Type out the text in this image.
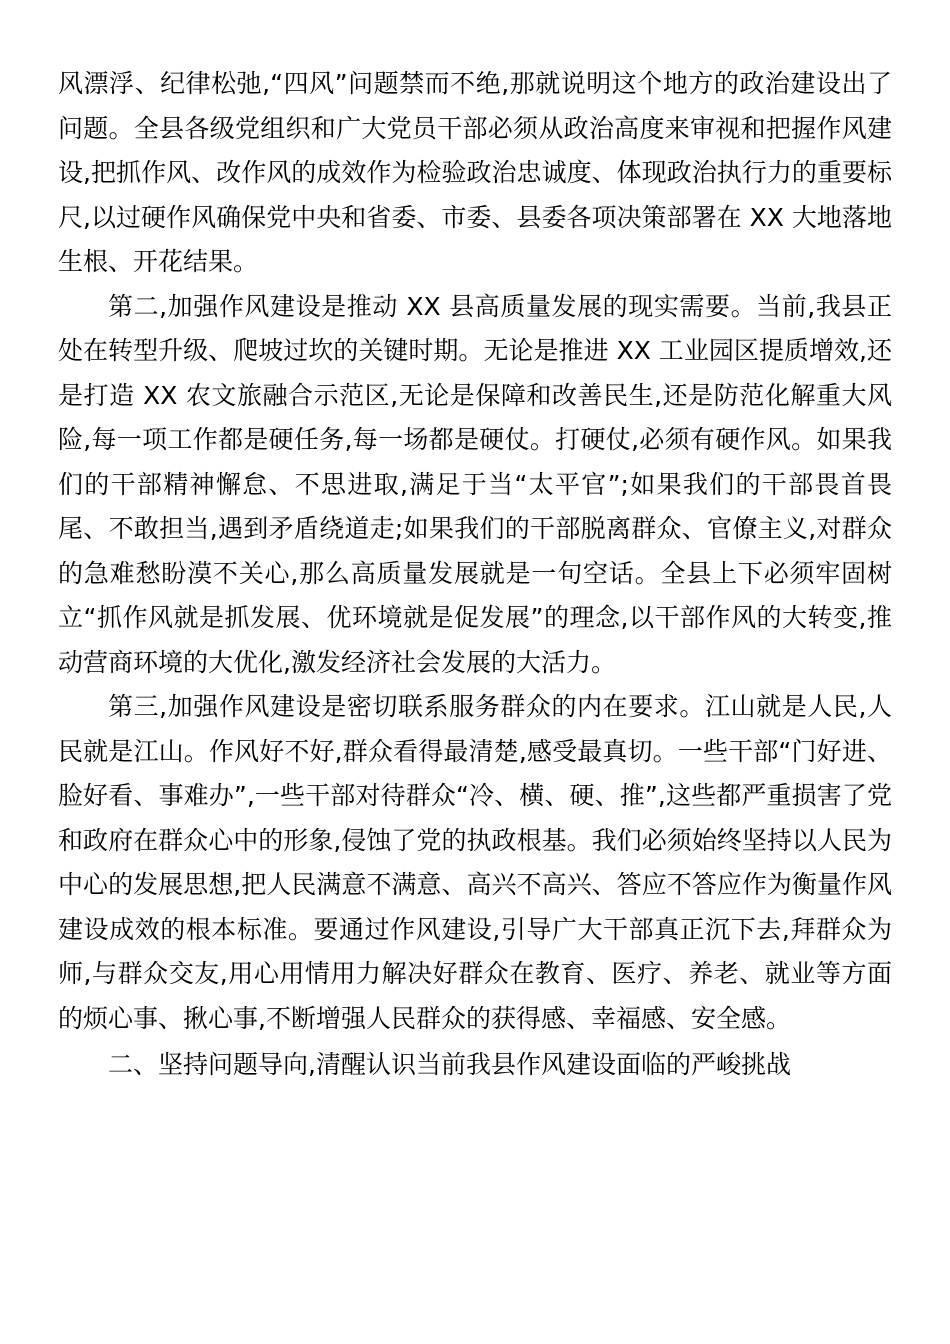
风漂浮、纪律松弛,“四风”问题禁而不绝,那就说明这个地方的政治建设出了问题。全县各级党组织和广大党员干部必须从政治高度来审视和把握作风建设,把抓作风、改作风的成效作为检验政治忠诚度、体现政治执行力的重要标尺,以过硬作风确保党中央和省委、市委、县委各项决策部署在 XX 大地落地生根、开花结果。

第二,加强作风建设是推动 XX 县高质量发展的现实需要。当前,我县正处在转型升级、爬坡过坎的关键时期。无论是推进 XX 工业园区提质增效,还是打造 XX 农文旅融合示范区,无论是保障和改善民生,还是防范化解重大风险,每一项工作都是硬任务,每一场都是硬仗。打硬仗,必须有硬作风。如果我们的干部精神懈怠、不思进取,满足于当“太平官”;如果我们的干部畏首畏尾、不敢担当,遇到矛盾绕道走;如果我们的干部脱离群众、官僚主义,对群众的急难愁盼漠不关心,那么高质量发展就是一句空话。全县上下必须牢固树立“抓作风就是抓发展、优环境就是促发展”的理念,以干部作风的大转变,推动营商环境的大优化,激发经济社会发展的大活力。

第三,加强作风建设是密切联系服务群众的内在要求。江山就是人民,人民就是江山。作风好不好,群众看得最清楚,感受最真切。一些干部“门好进、脸好看、事难办”,一些干部对待群众“冷、横、硬、推”,这些都严重损害了党和政府在群众心中的形象,侵蚀了党的执政根基。我们必须始终坚持以人民为中心的发展思想,把人民满意不满意、高兴不高兴、答应不答应作为衡量作风建设成效的根本标准。要通过作风建设,引导广大干部真正沉下去,拜群众为师,与群众交友,用心用情用力解决好群众在教育、医疗、养老、就业等方面的烦心事、揪心事,不断增强人民群众的获得感、幸福感、安全感。

二、坚持问题导向,清醒认识当前我县作风建设面临的严峻挑战
